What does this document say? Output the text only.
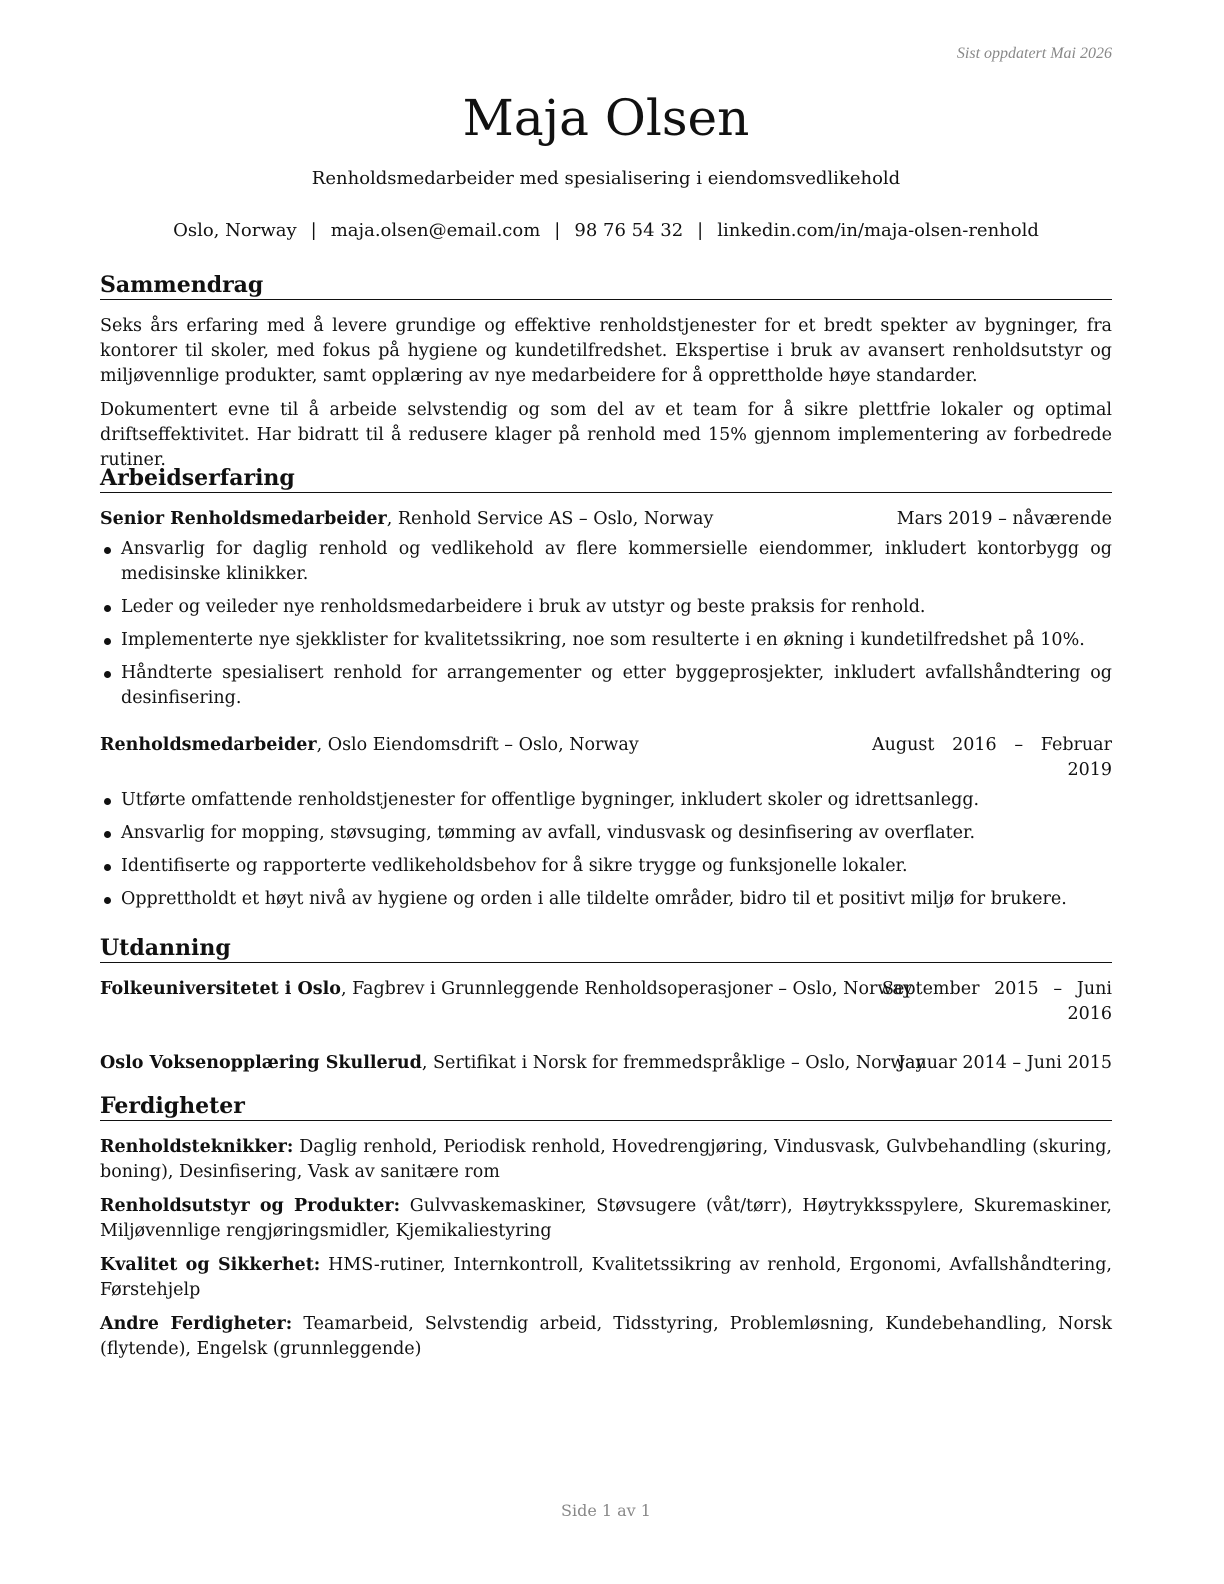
Sist oppdatert Mai 2026
Maja Olsen
Renholdsmedarbeider med spesialisering i eiendomsvedlikehold
Oslo, Norway | maja.olsen@email.com | 98 76 54 32 | linkedin.com/in/maja-olsen-renhold
Sammendrag

Seks års erfaring med å levere grundige og effektive renholdstjenester for et bredt spekter av bygninger, fra kontorer til skoler, med fokus på hygiene og kundetilfredshet. Ekspertise i bruk av avansert renholdsutstyr og miljøvennlige produkter, samt opplæring av nye medarbeidere for å opprettholde høye standarder.

Dokumentert evne til å arbeide selvstendig og som del av et team for å sikre plettfrie lokaler og optimal driftseffektivitet. Har bidratt til å redusere klager på renhold med 15% gjennom implementering av forbedrede rutiner.

Arbeidserfaring
Senior Renholdsmedarbeider, Renhold Service AS – Oslo, Norway	Mars 2019 – nåværende
Ansvarlig for daglig renhold og vedlikehold av flere kommersielle eiendommer, inkludert kontorbygg og medisinske klinikker.
Leder og veileder nye renholdsmedarbeidere i bruk av utstyr og beste praksis for renhold.
Implementerte nye sjekklister for kvalitetssikring, noe som resulterte i en økning i kundetilfredshet på 10%.
Håndterte spesialisert renhold for arrangementer og etter byggeprosjekter, inkludert avfallshåndtering og desinfisering.
Renholdsmedarbeider, Oslo Eiendomsdrift – Oslo, Norway	August 2016 – Februar 2019
Utførte omfattende renholdstjenester for offentlige bygninger, inkludert skoler og idrettsanlegg.
Ansvarlig for mopping, støvsuging, tømming av avfall, vindusvask og desinfisering av overflater.
Identifiserte og rapporterte vedlikeholdsbehov for å sikre trygge og funksjonelle lokaler.
Opprettholdt et høyt nivå av hygiene og orden i alle tildelte områder, bidro til et positivt miljø for brukere.
Utdanning
Folkeuniversitetet i Oslo, Fagbrev i Grunnleggende Renholdsoperasjoner – Oslo, Norway
September 2015 – Juni 2016
Oslo Voksenopplæring Skullerud, Sertifikat i Norsk for fremmedspråklige – Oslo, Norway
Januar 2014 – Juni 2015
Ferdigheter

Renholdsteknikker: Daglig renhold, Periodisk renhold, Hovedrengjøring, Vindusvask, Gulvbehandling (skuring, boning), Desinfisering, Vask av sanitære rom

Renholdsutstyr og Produkter: Gulvvaskemaskiner, Støvsugere (våt/tørr), Høytrykksspylere, Skuremaskiner, Miljøvennlige rengjøringsmidler, Kjemikaliestyring

Kvalitet og Sikkerhet: HMS-rutiner, Internkontroll, Kvalitetssikring av renhold, Ergonomi, Avfallshåndtering, Førstehjelp

Andre Ferdigheter: Teamarbeid, Selvstendig arbeid, Tidsstyring, Problemløsning, Kundebehandling, Norsk (flytende), Engelsk (grunnleggende)

Side 1 av 1
